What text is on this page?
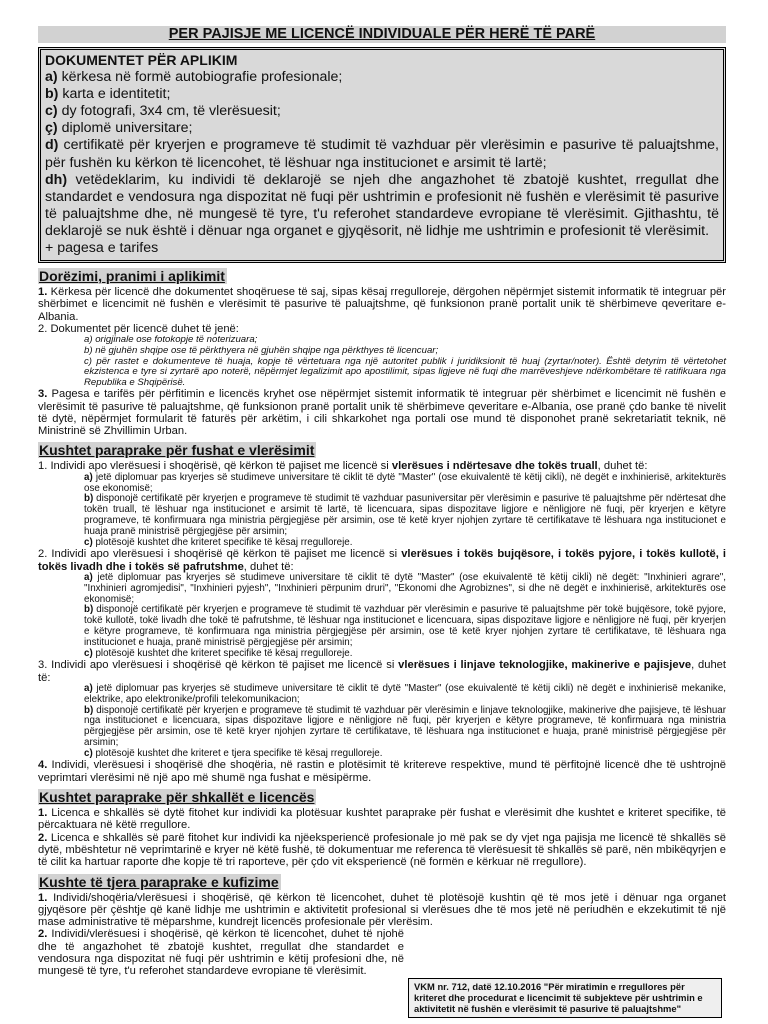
PER PAJISJE ME LICENCË INDIVIDUALE PËR HERË TË PARË
DOKUMENTET PËR APLIKIM
a) kërkesa në formë autobiografie profesionale;
b) karta e identitetit;
c) dy fotografi, 3x4 cm, të vlerësuesit;
ç) diplomë universitare;
d) certifikatë për kryerjen e programeve të studimit të vazhduar për vlerësimin e pasurive të paluajtshme, për fushën ku kërkon të licencohet, të lëshuar nga institucionet e arsimit të lartë;
dh) vetëdeklarim, ku individi të deklarojë se njeh dhe angazhohet të zbatojë kushtet, rregullat dhe standardet e vendosura nga dispozitat në fuqi për ushtrimin e profesionit në fushën e vlerësimit të pasurive të paluajtshme dhe, në mungesë të tyre, t'u referohet standardeve evropiane të vlerësimit. Gjithashtu, të deklarojë se nuk është i dënuar nga organet e gjyqësorit, në lidhje me ushtrimin e profesionit të vlerësimit.
+ pagesa e tarifes
Dorëzimi, pranimi i aplikimit

1. Kërkesa për licencë dhe dokumentet shoqëruese të saj, sipas kësaj rregulloreje, dërgohen nëpërmjet sistemit informatik të integruar për shërbimet e licencimit në fushën e vlerësimit të pasurive të paluajtshme, që funksionon pranë portalit unik të shërbimeve qeveritare e-Albania.

2. Dokumentet për licencë duhet të jenë:

a) origjinale ose fotokopje të noterizuara;

b) në gjuhën shqipe ose të përkthyera në gjuhën shqipe nga përkthyes të licencuar;

c) për rastet e dokumenteve të huaja, kopje të vërtetuara nga një autoritet publik i juridiksionit të huaj (zyrtar/noter). Është detyrim të vërtetohet ekzistenca e tyre si zyrtarë apo noterë, nëpërmjet legalizimit apo apostilimit, sipas ligjeve në fuqi dhe marrëveshjeve ndërkombëtare të ratifikuara nga Republika e Shqipërisë.

3. Pagesa e tarifës për përfitimin e licencës kryhet ose nëpërmjet sistemit informatik të integruar për shërbimet e licencimit në fushën e vlerësimit të pasurive të paluajtshme, që funksionon pranë portalit unik të shërbimeve qeveritare e-Albania, ose pranë çdo banke të nivelit të dytë, nëpërmjet formularit të faturës për arkëtim, i cili shkarkohet nga portali ose mund të disponohet pranë sekretariatit teknik, në Ministrinë së Zhvillimin Urban.

Kushtet paraprake për fushat e vlerësimit

1. Individi apo vlerësuesi i shoqërisë, që kërkon të pajiset me licencë si vlerësues i ndërtesave dhe tokës truall, duhet të:

a) jetë diplomuar pas kryerjes së studimeve universitare të ciklit të dytë "Master" (ose ekuivalentë të këtij cikli), në degët e inxhinierisë, arkitekturës ose ekonomisë;

b) disponojë certifikatë për kryerjen e programeve të studimit të vazhduar pasuniversitar për vlerësimin e pasurive të paluajtshme për ndërtesat dhe tokën truall, të lëshuar nga institucionet e arsimit të lartë, të licencuara, sipas dispozitave ligjore e nënligjore në fuqi, për kryerjen e këtyre programeve, të konfirmuara nga ministria përgjegjëse për arsimin, ose të ketë kryer njohjen zyrtare të certifikatave të lëshuara nga institucionet e huaja pranë ministrisë përgjegjëse për arsimin;

c) plotësojë kushtet dhe kriteret specifike të kësaj rregulloreje.

2. Individi apo vlerësuesi i shoqërisë që kërkon të pajiset me licencë si vlerësues i tokës bujqësore, i tokës pyjore, i tokës kullotë, i tokës livadh dhe i tokës së pafrutshme, duhet të:

a) jetë diplomuar pas kryerjes së studimeve universitare të ciklit të dytë "Master" (ose ekuivalentë të këtij cikli) në degët: "Inxhinieri agrare", "Inxhinieri agromjedisi", "Inxhinieri pyjesh", "Inxhinieri përpunim druri", "Ekonomi dhe Agrobiznes", si dhe në degët e inxhinierisë, arkitekturës ose ekonomisë;

b) disponojë certifikatë për kryerjen e programeve të studimit të vazhduar për vlerësimin e pasurive të paluajtshme për tokë bujqësore, tokë pyjore, tokë kullotë, tokë livadh dhe tokë të pafrutshme, të lëshuar nga institucionet e licencuara, sipas dispozitave ligjore e nënligjore në fuqi, për kryerjen e këtyre programeve, të konfirmuara nga ministria përgjegjëse për arsimin, ose të ketë kryer njohjen zyrtare të certifikatave, të lëshuara nga institucionet e huaja, pranë ministrisë përgjegjëse për arsimin;

c) plotësojë kushtet dhe kriteret specifike të kësaj rregulloreje.

3. Individi apo vlerësuesi i shoqërisë që kërkon të pajiset me licencë si vlerësues i linjave teknologjike, makinerive e pajisjeve, duhet të:

a) jetë diplomuar pas kryerjes së studimeve universitare të ciklit të dytë "Master" (ose ekuivalentë të këtij cikli) në degët e inxhinierisë mekanike, elektrike, apo elektronike/profili telekomunikacion;

b) disponojë certifikatë për kryerjen e programeve të studimit të vazhduar për vlerësimin e linjave teknologjike, makinerive dhe pajisjeve, të lëshuar nga institucionet e licencuara, sipas dispozitave ligjore e nënligjore në fuqi, për kryerjen e këtyre programeve, të konfirmuara nga ministria përgjegjëse për arsimin, ose të ketë kryer njohjen zyrtare të certifikatave, të lëshuara nga institucionet e huaja, pranë ministrisë përgjegjëse për arsimin;

c) plotësojë kushtet dhe kriteret e tjera specifike të kësaj rregulloreje.

4. Individi, vlerësuesi i shoqërisë dhe shoqëria, në rastin e plotësimit të kritereve respektive, mund të përfitojnë licencë dhe të ushtrojnë veprimtari vlerësimi në një apo më shumë nga fushat e mësipërme.

Kushtet paraprake për shkallët e licencës

1. Licenca e shkallës së dytë fitohet kur individi ka plotësuar kushtet paraprake për fushat e vlerësimit dhe kushtet e kriteret specifike, të përcaktuara në këtë rregullore.

2. Licenca e shkallës së parë fitohet kur individi ka njëeksperiencë profesionale jo më pak se dy vjet nga pajisja me licencë të shkallës së dytë, mbështetur në veprimtarinë e kryer në këtë fushë, të dokumentuar me referenca të vlerësuesit të shkallës së parë, nën mbikëqyrjen e të cilit ka hartuar raporte dhe kopje të tri raporteve, për çdo vit eksperiencë (në formën e kërkuar në rregullore).

Kushte të tjera paraprake e kufizime

1. Individi/shoqëria/vlerësuesi i shoqërisë, që kërkon të licencohet, duhet të plotësojë kushtin që të mos jetë i dënuar nga organet gjyqësore për çështje që kanë lidhje me ushtrimin e aktivitetit profesional si vlerësues dhe të mos jetë në periudhën e ekzekutimit të një mase administrative të mëparshme, kundrejt licencës profesionale për vlerësim.

2. Individi/vlerësuesi i shoqërisë, që kërkon të licencohet, duhet të njohë dhe të angazhohet të zbatojë kushtet, rregullat dhe standardet e vendosura nga dispozitat në fuqi për ushtrimin e këtij profesioni dhe, në mungesë të tyre, t'u referohet standardeve evropiane të vlerësimit.

VKM nr. 712, datë 12.10.2016 "Për miratimin e rregullores për kriteret dhe procedurat e licencimit të subjekteve për ushtrimin e aktivitetit në fushën e vlerësimit të pasurive të paluajtshme"
